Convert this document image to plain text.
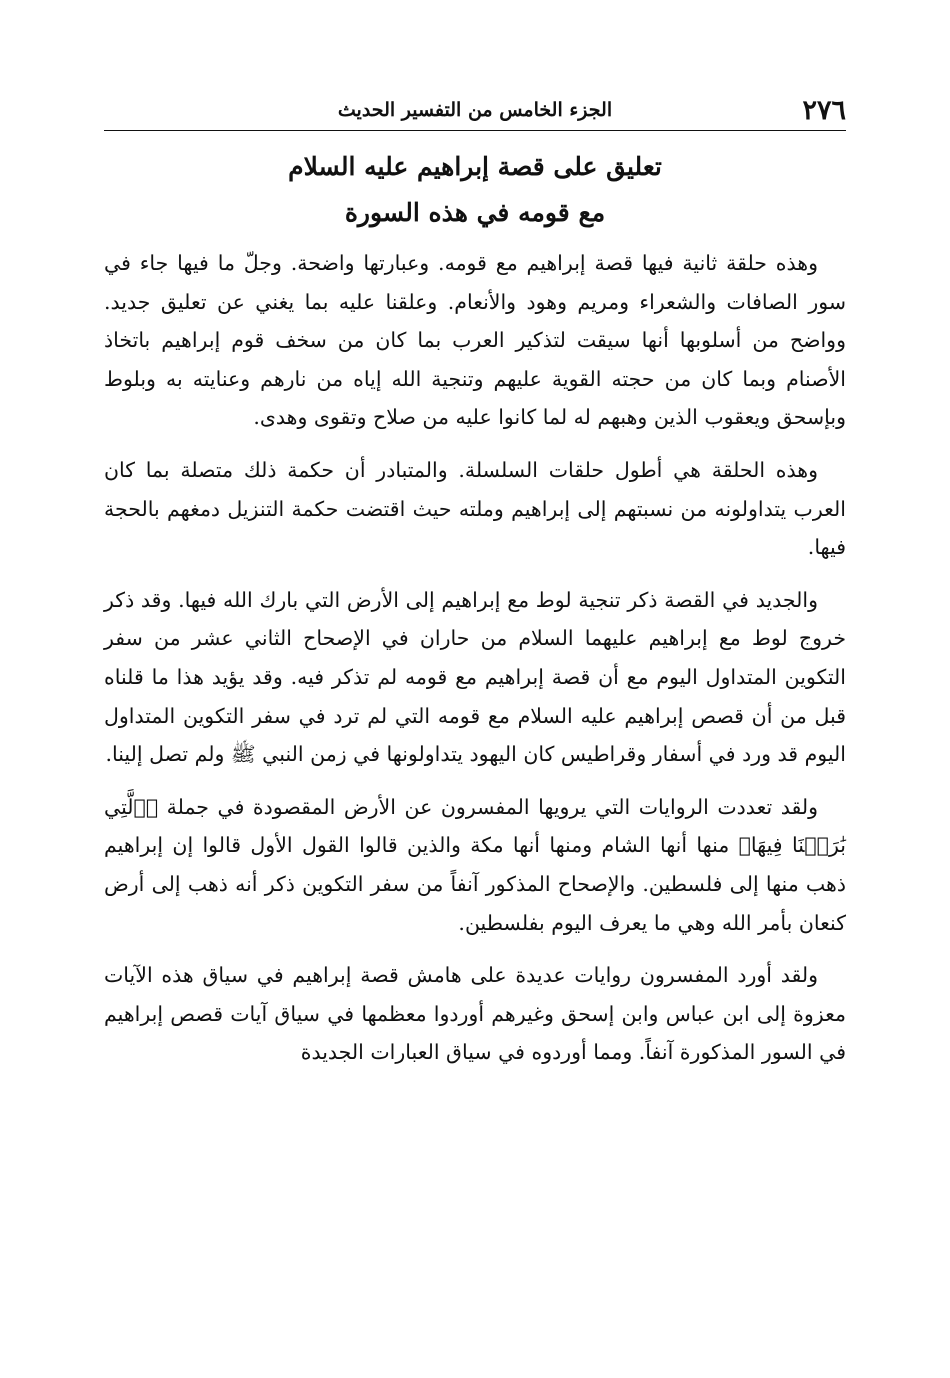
٢٧٦
الجزء الخامس من التفسير الحديث
تعليق على قصة إبراهيم عليه السلام
مع قومه في هذه السورة

وهذه حلقة ثانية فيها قصة إبراهيم مع قومه. وعبارتها واضحة. وجلّ ما فيها جاء في سور الصافات والشعراء ومريم وهود والأنعام. وعلقنا عليه بما يغني عن تعليق جديد. وواضح من أسلوبها أنها سيقت لتذكير العرب بما كان من سخف قوم إبراهيم باتخاذ الأصنام وبما كان من حجته القوية عليهم وتنجية الله إياه من نارهم وعنايته به وبلوط وبإسحق ويعقوب الذين وهبهم له لما كانوا عليه من صلاح وتقوى وهدى.

وهذه الحلقة هي أطول حلقات السلسلة. والمتبادر أن حكمة ذلك متصلة بما كان العرب يتداولونه من نسبتهم إلى إبراهيم وملته حيث اقتضت حكمة التنزيل دمغهم بالحجة فيها.

والجديد في القصة ذكر تنجية لوط مع إبراهيم إلى الأرض التي بارك الله فيها. وقد ذكر خروج لوط مع إبراهيم عليهما السلام من حاران في الإصحاح الثاني عشر من سفر التكوين المتداول اليوم مع أن قصة إبراهيم مع قومه لم تذكر فيه. وقد يؤيد هذا ما قلناه قبل من أن قصص إبراهيم عليه السلام مع قومه التي لم ترد في سفر التكوين المتداول اليوم قد ورد في أسفار وقراطيس كان اليهود يتداولونها في زمن النبي ﷺ ولم تصل إلينا.

ولقد تعددت الروايات التي يرويها المفسرون عن الأرض المقصودة في جملة ﴿ٱلَّتِي بَٰرَكۡنَا فِيهَا﴾ منها أنها الشام ومنها أنها مكة والذين قالوا القول الأول قالوا إن إبراهيم ذهب منها إلى فلسطين. والإصحاح المذكور آنفاً من سفر التكوين ذكر أنه ذهب إلى أرض كنعان بأمر الله وهي ما يعرف اليوم بفلسطين.

ولقد أورد المفسرون روايات عديدة على هامش قصة إبراهيم في سياق هذه الآيات معزوة إلى ابن عباس وابن إسحق وغيرهم أوردوا معظمها في سياق آيات قصص إبراهيم في السور المذكورة آنفاً. ومما أوردوه في سياق العبارات الجديدة
